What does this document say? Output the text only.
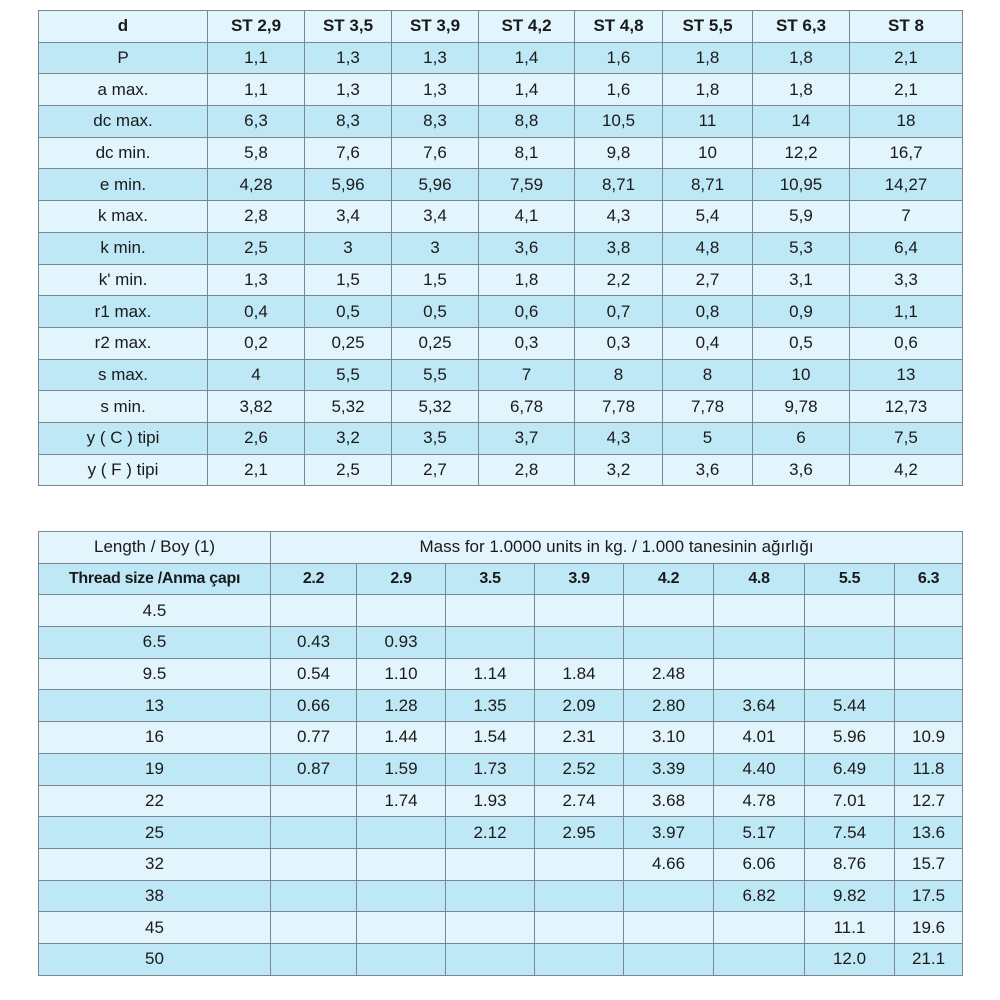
d	ST 2,9	ST 3,5	ST 3,9	ST 4,2	ST 4,8	ST 5,5	ST 6,3	ST 8
P	1,1	1,3	1,3	1,4	1,6	1,8	1,8	2,1
a max.	1,1	1,3	1,3	1,4	1,6	1,8	1,8	2,1
dc max.	6,3	8,3	8,3	8,8	10,5	11	14	18
dc min.	5,8	7,6	7,6	8,1	9,8	10	12,2	16,7
e min.	4,28	5,96	5,96	7,59	8,71	8,71	10,95	14,27
k max.	2,8	3,4	3,4	4,1	4,3	5,4	5,9	7
k min.	2,5	3	3	3,6	3,8	4,8	5,3	6,4
k' min.	1,3	1,5	1,5	1,8	2,2	2,7	3,1	3,3
r1 max.	0,4	0,5	0,5	0,6	0,7	0,8	0,9	1,1
r2 max.	0,2	0,25	0,25	0,3	0,3	0,4	0,5	0,6
s max.	4	5,5	5,5	7	8	8	10	13
s min.	3,82	5,32	5,32	6,78	7,78	7,78	9,78	12,73
y ( C ) tipi	2,6	3,2	3,5	3,7	4,3	5	6	7,5
y ( F ) tipi	2,1	2,5	2,7	2,8	3,2	3,6	3,6	4,2
Length / Boy (1)	Mass for 1.0000 units in kg. / 1.000 tanesinin ağırlığı							
Thread size /Anma çapı	2.2	2.9	3.5	3.9	4.2	4.8	5.5	6.3
4.5								
6.5	0.43	0.93						
9.5	0.54	1.10	1.14	1.84	2.48			
13	0.66	1.28	1.35	2.09	2.80	3.64	5.44	
16	0.77	1.44	1.54	2.31	3.10	4.01	5.96	10.9
19	0.87	1.59	1.73	2.52	3.39	4.40	6.49	11.8
22		1.74	1.93	2.74	3.68	4.78	7.01	12.7
25			2.12	2.95	3.97	5.17	7.54	13.6
32					4.66	6.06	8.76	15.7
38						6.82	9.82	17.5
45							11.1	19.6
50							12.0	21.1
